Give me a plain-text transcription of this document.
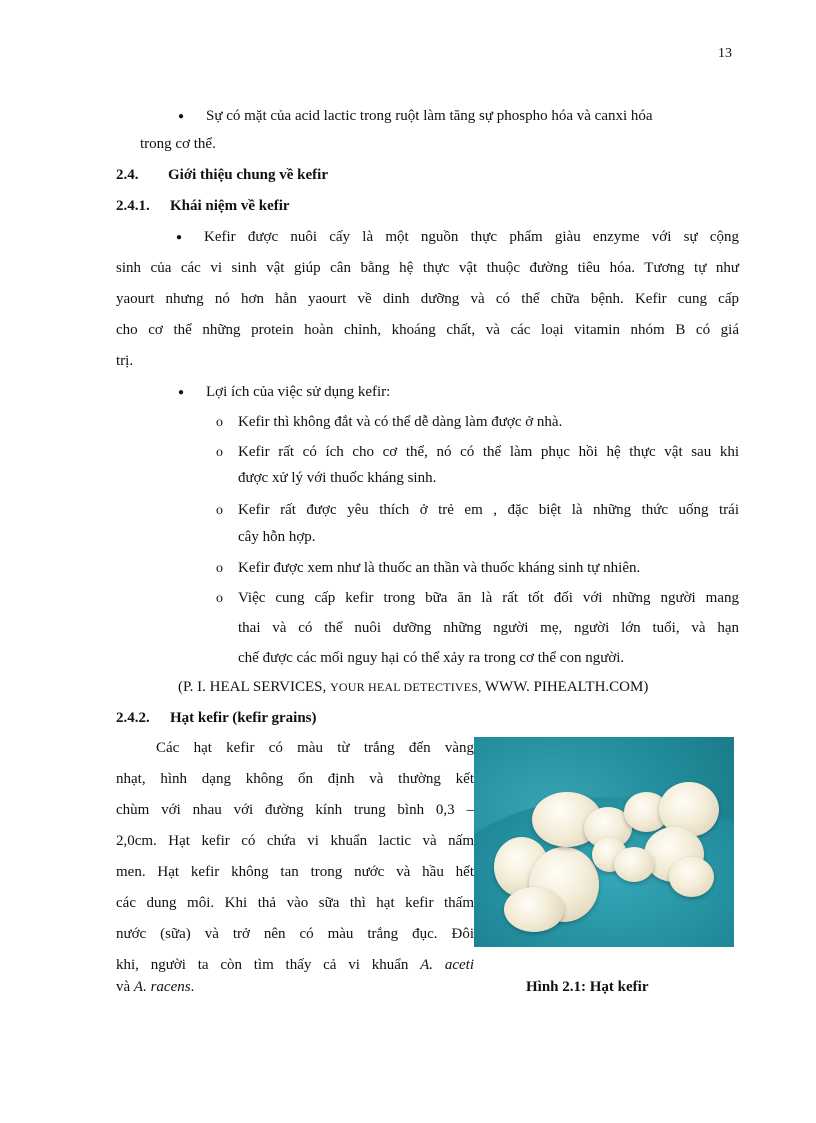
13
● Sự có mặt của acid lactic trong ruột làm tăng sự phospho hóa và canxi hóa
trong cơ thể.
2.4. Giới thiệu chung về kefir
2.4.1. Khái niệm về kefir
● Kefir được nuôi cấy là một nguồn thực phẩm giàu enzyme với sự cộng
sinh của các vi sinh vật giúp cân bằng hệ thực vật thuộc đường tiêu hóa. Tương tự như
yaourt nhưng nó hơn hẳn yaourt về dinh dưỡng và có thể chữa bệnh. Kefir cung cấp
cho cơ thể những protein hoàn chỉnh, khoáng chất, và các loại vitamin nhóm B có giá
trị.
● Lợi ích của việc sử dụng kefir:
o Kefir thì không đắt và có thể dễ dàng làm được ở nhà.
o Kefir rất có ích cho cơ thể, nó có thể làm phục hồi hệ thực vật sau khi
được xử lý với thuốc kháng sinh.
o Kefir rất được yêu thích ở trẻ em , đặc biệt là những thức uống trái
cây hỗn hợp.
o Kefir được xem như là thuốc an thần và thuốc kháng sinh tự nhiên.
o Việc cung cấp kefir trong bữa ăn là rất tốt đối với những người mang
thai và có thể nuôi dưỡng những người mẹ, người lớn tuổi, và hạn
chế được các mối nguy hại có thể xảy ra trong cơ thể con người.
(P. I. HEAL SERVICES, YOUR HEAL DETECTIVES, WWW. PIHEALTH.COM)
2.4.2. Hạt kefir (kefir grains)
Các hạt kefir có màu từ trắng đến vàng
nhạt, hình dạng không ổn định và thường kết
chùm với nhau với đường kính trung bình 0,3 –
2,0cm. Hạt kefir có chứa vi khuẩn lactic và nấm
men. Hạt kefir không tan trong nước và hầu hết
các dung môi. Khi thả vào sữa thì hạt kefir thấm
nước (sữa) và trở nên có màu trắng đục. Đôi
khi, người ta còn tìm thấy cả vi khuẩn A. aceti
và A. racens.	Hình 2.1: Hạt kefir
